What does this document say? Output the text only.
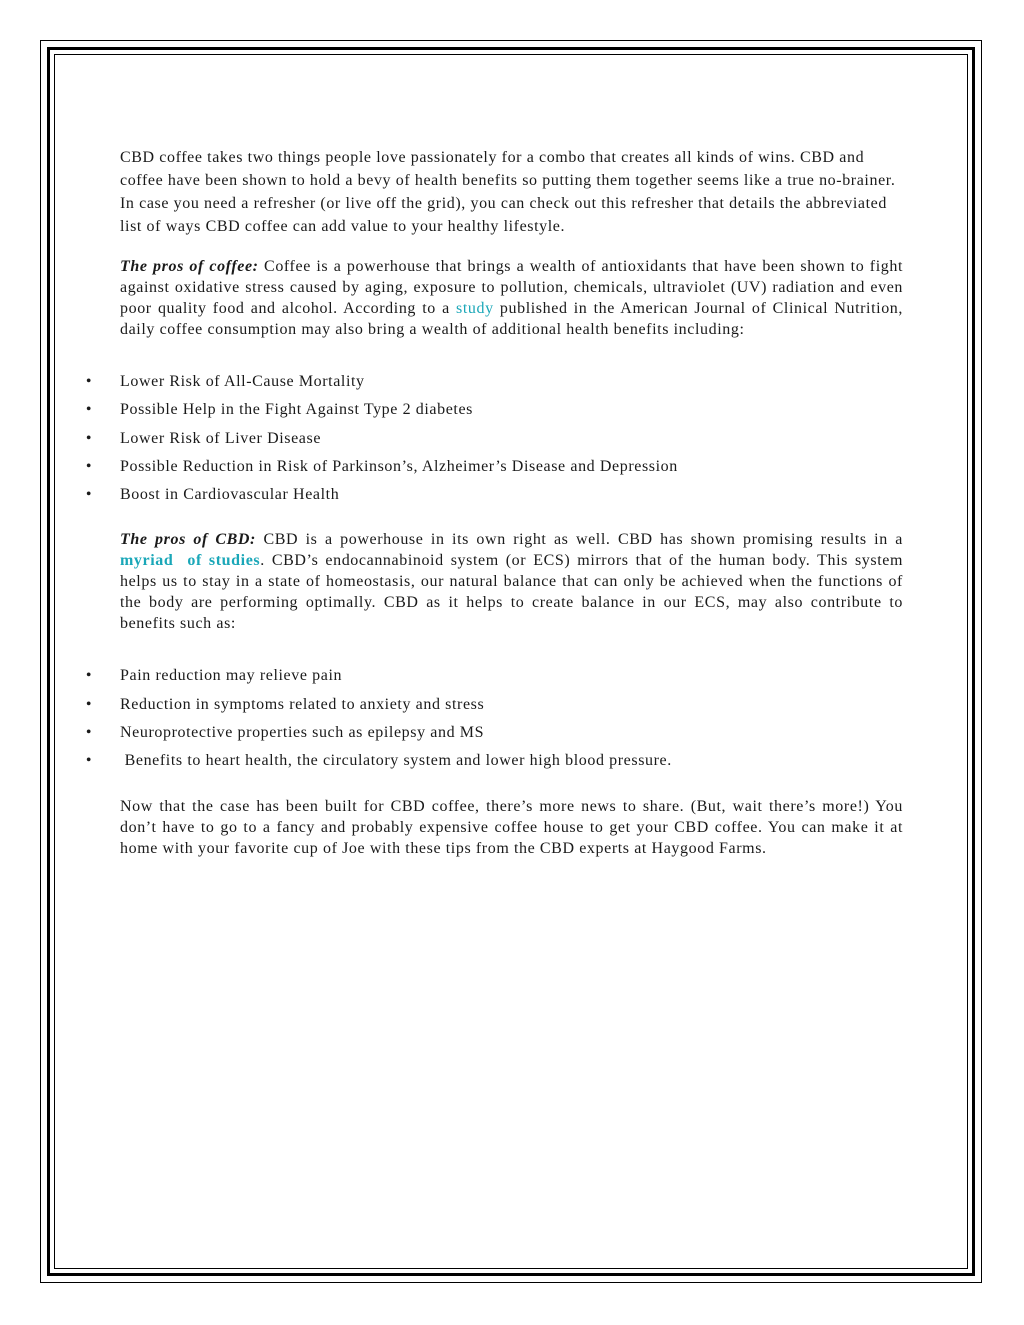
CBD coffee takes two things people love passionately for a combo that creates all kinds of wins. CBD and coffee have been shown to hold a bevy of health benefits so putting them together seems like a true no-brainer. In case you need a refresher (or live off the grid), you can check out this refresher that details the abbreviated list of ways CBD coffee can add value to your healthy lifestyle.

The pros of coffee: Coffee is a powerhouse that brings a wealth of antioxidants that have been shown to fight against oxidative stress caused by aging, exposure to pollution, chemicals, ultraviolet (UV) radiation and even poor quality food and alcohol. According to a study published in the American Journal of Clinical Nutrition, daily coffee consumption may also bring a wealth of additional health benefits including:

• Lower Risk of All-Cause Mortality
• Possible Help in the Fight Against Type 2 diabetes
• Lower Risk of Liver Disease
• Possible Reduction in Risk of Parkinson’s, Alzheimer’s Disease and Depression
• Boost in Cardiovascular Health

The pros of CBD: CBD is a powerhouse in its own right as well. CBD has shown promising results in a myriad  of studies. CBD’s endocannabinoid system (or ECS) mirrors that of the human body. This system helps us to stay in a state of homeostasis, our natural balance that can only be achieved when the functions of the body are performing optimally. CBD as it helps to create balance in our ECS, may also contribute to benefits such as:

• Pain reduction may relieve pain
• Reduction in symptoms related to anxiety and stress
• Neuroprotective properties such as epilepsy and MS
• Benefits to heart health, the circulatory system and lower high blood pressure.

Now that the case has been built for CBD coffee, there’s more news to share. (But, wait there’s more!) You don’t have to go to a fancy and probably expensive coffee house to get your CBD coffee. You can make it at home with your favorite cup of Joe with these tips from the CBD experts at Haygood Farms.
